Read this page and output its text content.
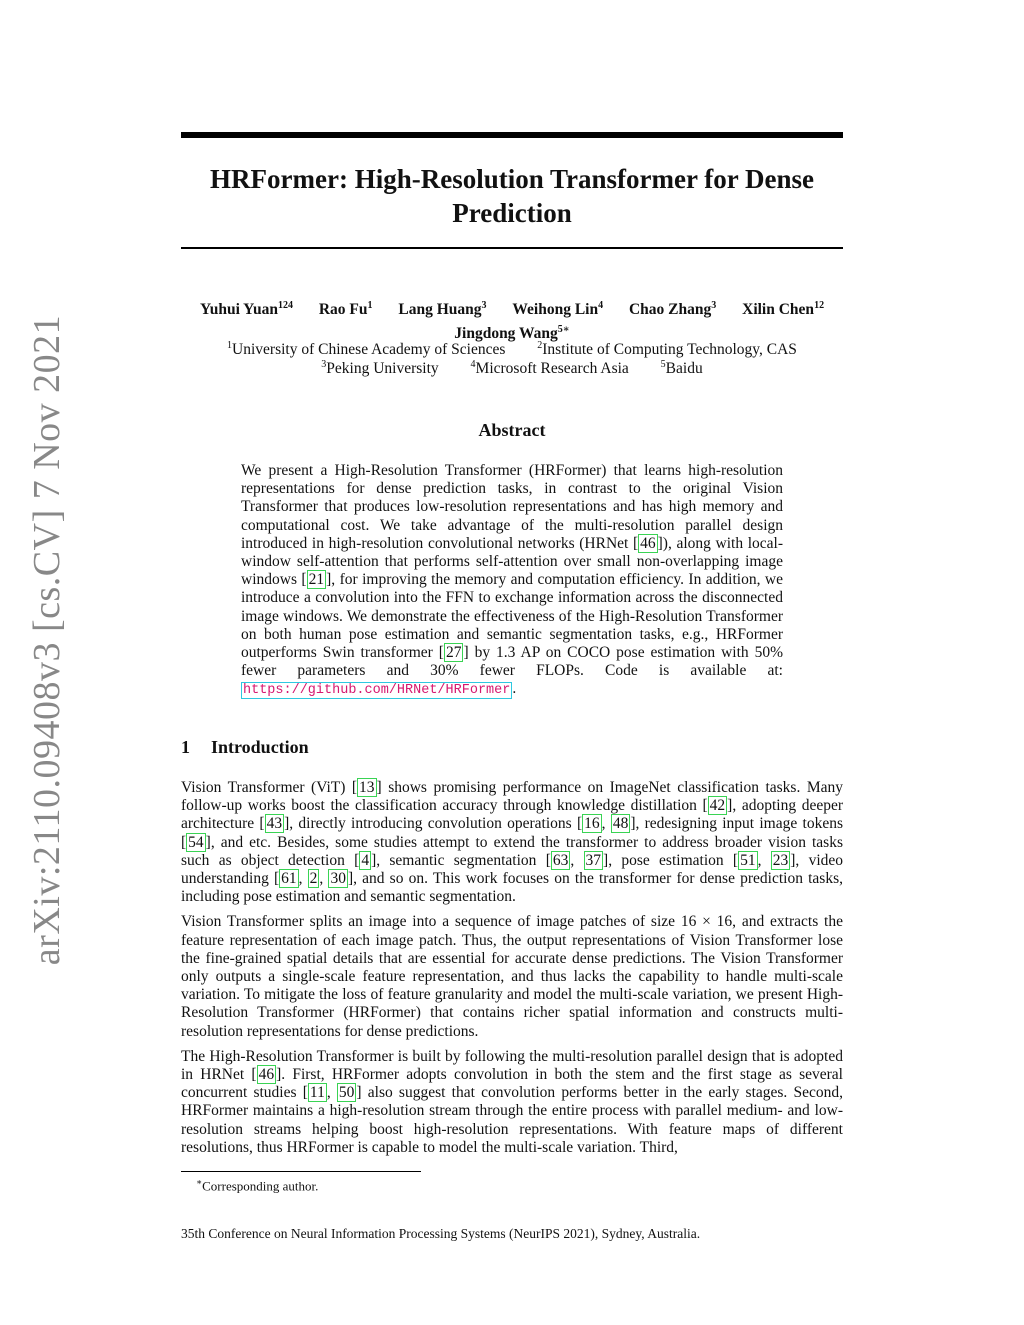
arXiv:2110.09408v3 [cs.CV] 7 Nov 2021
HRFormer: High-Resolution Transformer for Dense Prediction
Yuhui Yuan$^{124}$ Rao Fu$^1$ Lang Huang$^3$ Weihong Lin$^4$ Chao Zhang$^3$ Xilin Chen$^{12}$
Jingdong Wang$^{5∗}$
$^1$University of Chinese Academy of Sciences	$^2$Institute of Computing Technology, CAS
$^3$Peking University	$^4$Microsoft Research Asia	$^5$Baidu
Abstract
We present a High-Resolution Transformer (HRFormer) that learns high-resolution representations for dense prediction tasks, in contrast to the original Vision Transformer that produces low-resolution representations and has high memory and computational cost. We take advantage of the multi-resolution parallel design introduced in high-resolution convolutional networks (HRNet [ 46 ]), along with local-window self-attention that performs self-attention over small non-overlapping image windows [ 21 ], for improving the memory and computation efficiency. In addition, we introduce a convolution into the FFN to exchange information across the disconnected image windows. We demonstrate the effectiveness of the High-Resolution Transformer on both human pose estimation and semantic segmentation tasks, e.g., HRFormer outperforms Swin transformer [ 27 ] by 1.3 AP on COCO pose estimation with 50% fewer parameters and 30% fewer FLOPs. Code is available at: https://github.com/HRNet/HRFormer .
1 Introduction

Vision Transformer (ViT) [ 13 ] shows promising performance on ImageNet classification tasks. Many follow-up works boost the classification accuracy through knowledge distillation [ 42 ], adopting deeper architecture [ 43 ], directly introducing convolution operations [ 16 , 48 ], redesigning input image tokens [ 54 ], and etc. Besides, some studies attempt to extend the transformer to address broader vision tasks such as object detection [ 4 ], semantic segmentation [ 63 , 37 ], pose estimation [ 51 , 23 ], video understanding [ 61 , 2 , 30 ], and so on. This work focuses on the transformer for dense prediction tasks, including pose estimation and semantic segmentation.

Vision Transformer splits an image into a sequence of image patches of size 16 × 16, and extracts the feature representation of each image patch. Thus, the output representations of Vision Transformer lose the fine-grained spatial details that are essential for accurate dense predictions. The Vision Transformer only outputs a single-scale feature representation, and thus lacks the capability to handle multi-scale variation. To mitigate the loss of feature granularity and model the multi-scale variation, we present High-Resolution Transformer (HRFormer) that contains richer spatial information and constructs multi-resolution representations for dense predictions.

The High-Resolution Transformer is built by following the multi-resolution parallel design that is adopted in HRNet [ 46 ]. First, HRFormer adopts convolution in both the stem and the first stage as several concurrent studies [ 11 , 50 ] also suggest that convolution performs better in the early stages. Second, HRFormer maintains a high-resolution stream through the entire process with parallel medium- and low-resolution streams helping boost high-resolution representations. With feature maps of different resolutions, thus HRFormer is capable to model the multi-scale variation. Third,

∗Corresponding author.
35th Conference on Neural Information Processing Systems (NeurIPS 2021), Sydney, Australia.
